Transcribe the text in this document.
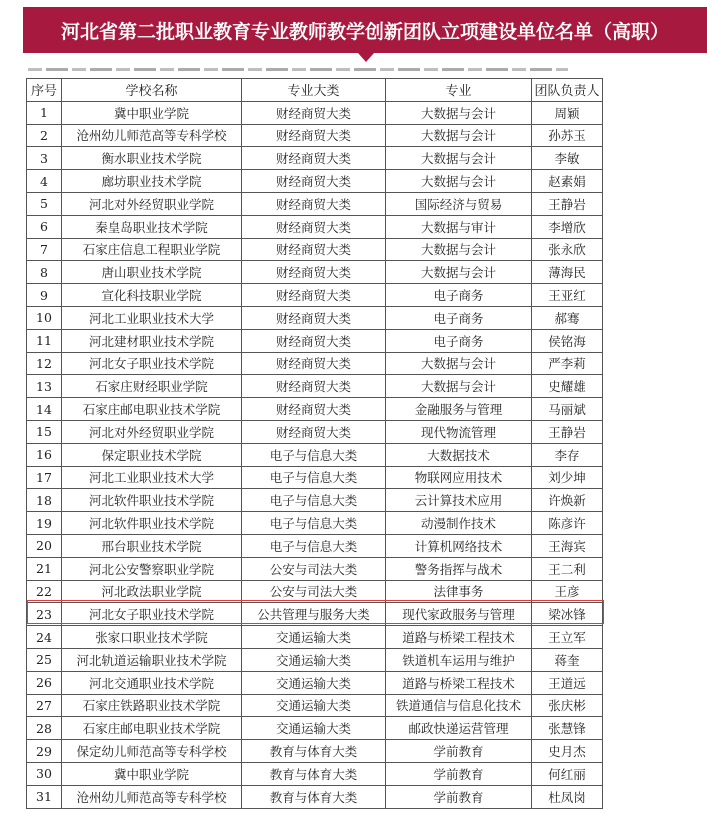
河北省第二批职业教育专业教师教学创新团队立项建设单位名单（高职）
序号	学校名称	专业大类	专业	团队负责人
1	冀中职业学院	财经商贸大类	大数据与会计	周颖
2	沧州幼儿师范高等专科学校	财经商贸大类	大数据与会计	孙苏玉
3	衡水职业技术学院	财经商贸大类	大数据与会计	李敏
4	廊坊职业技术学院	财经商贸大类	大数据与会计	赵素娟
5	河北对外经贸职业学院	财经商贸大类	国际经济与贸易	王静岩
6	秦皇岛职业技术学院	财经商贸大类	大数据与审计	李增欣
7	石家庄信息工程职业学院	财经商贸大类	大数据与会计	张永欣
8	唐山职业技术学院	财经商贸大类	大数据与会计	薄海民
9	宣化科技职业学院	财经商贸大类	电子商务	王亚红
10	河北工业职业技术大学	财经商贸大类	电子商务	郝骞
11	河北建材职业技术学院	财经商贸大类	电子商务	侯铭海
12	河北女子职业技术学院	财经商贸大类	大数据与会计	严李莉
13	石家庄财经职业学院	财经商贸大类	大数据与会计	史耀雄
14	石家庄邮电职业技术学院	财经商贸大类	金融服务与管理	马丽斌
15	河北对外经贸职业学院	财经商贸大类	现代物流管理	王静岩
16	保定职业技术学院	电子与信息大类	大数据技术	李存
17	河北工业职业技术大学	电子与信息大类	物联网应用技术	刘少坤
18	河北软件职业技术学院	电子与信息大类	云计算技术应用	许焕新
19	河北软件职业技术学院	电子与信息大类	动漫制作技术	陈彦许
20	邢台职业技术学院	电子与信息大类	计算机网络技术	王海宾
21	河北公安警察职业学院	公安与司法大类	警务指挥与战术	王二利
22	河北政法职业学院	公安与司法大类	法律事务	王彦
23	河北女子职业技术学院	公共管理与服务大类	现代家政服务与管理	梁冰锋
24	张家口职业技术学院	交通运输大类	道路与桥梁工程技术	王立军
25	河北轨道运输职业技术学院	交通运输大类	铁道机车运用与维护	蒋奎
26	河北交通职业技术学院	交通运输大类	道路与桥梁工程技术	王道远
27	石家庄铁路职业技术学院	交通运输大类	铁道通信与信息化技术	张庆彬
28	石家庄邮电职业技术学院	交通运输大类	邮政快递运营管理	张慧锋
29	保定幼儿师范高等专科学校	教育与体育大类	学前教育	史月杰
30	冀中职业学院	教育与体育大类	学前教育	何红丽
31	沧州幼儿师范高等专科学校	教育与体育大类	学前教育	杜凤岗
